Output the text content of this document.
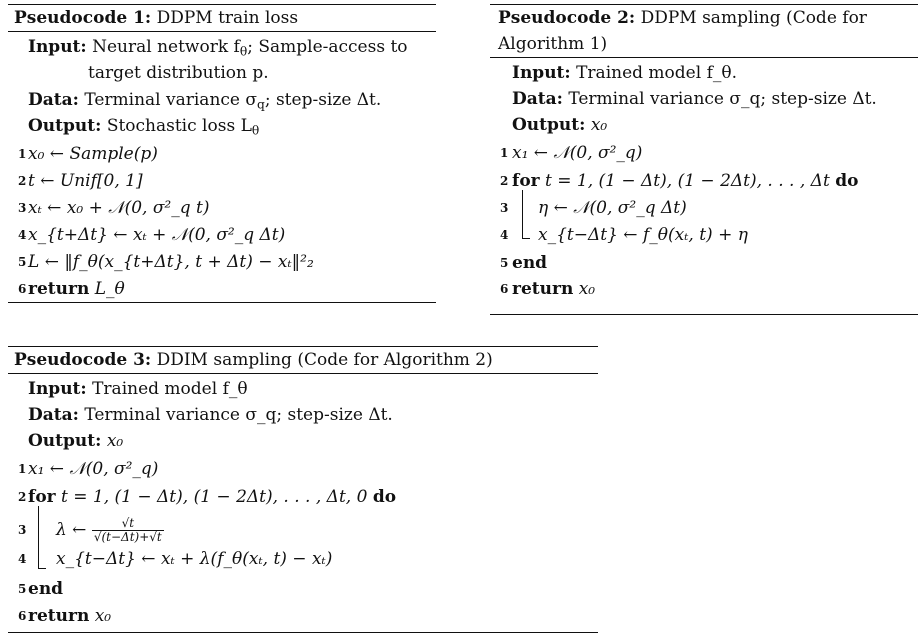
Pseudocode 1: DDPM train loss
Input: Neural network $f_\theta$; Sample-access to
target distribution p.
Data: Terminal variance $\sigma_q$; step-size Δt.
Output: Stochastic loss $L_\theta$
1 x₀ ← Sample(p)
2 t ← Unif[0, 1]
3 xₜ ← x₀ + 𝒩(0, σ²_q t)
4 x_{t+Δt} ← xₜ + 𝒩(0, σ²_q Δt)
5 L ← ‖f_θ(x_{t+Δt}, t + Δt) − xₜ‖²₂
6 return L_θ
Pseudocode 2: DDPM sampling (Code for
Algorithm 1)
Input: Trained model f_θ.
Data: Terminal variance σ_q; step-size Δt.
Output: x₀
1 x₁ ← 𝒩(0, σ²_q)
2 for t = 1, (1 − Δt), (1 − 2Δt), . . . , Δt do
3	η ← 𝒩(0, σ²_q Δt)
4	x_{t−Δt} ← f_θ(xₜ, t) + η
5 end
6 return x₀
Pseudocode 3: DDIM sampling (Code for Algorithm 2)
Input: Trained model f_θ
Data: Terminal variance σ_q; step-size Δt.
Output: x₀
1 x₁ ← 𝒩(0, σ²_q)
2 for t = 1, (1 − Δt), (1 − 2Δt), . . . , Δt, 0 do
3	λ ← $\frac{√t}{√(t-\Delta t)+√t}$
4	x_{t−Δt} ← xₜ + λ(f_θ(xₜ, t) − xₜ)
5 end
6 return x₀
